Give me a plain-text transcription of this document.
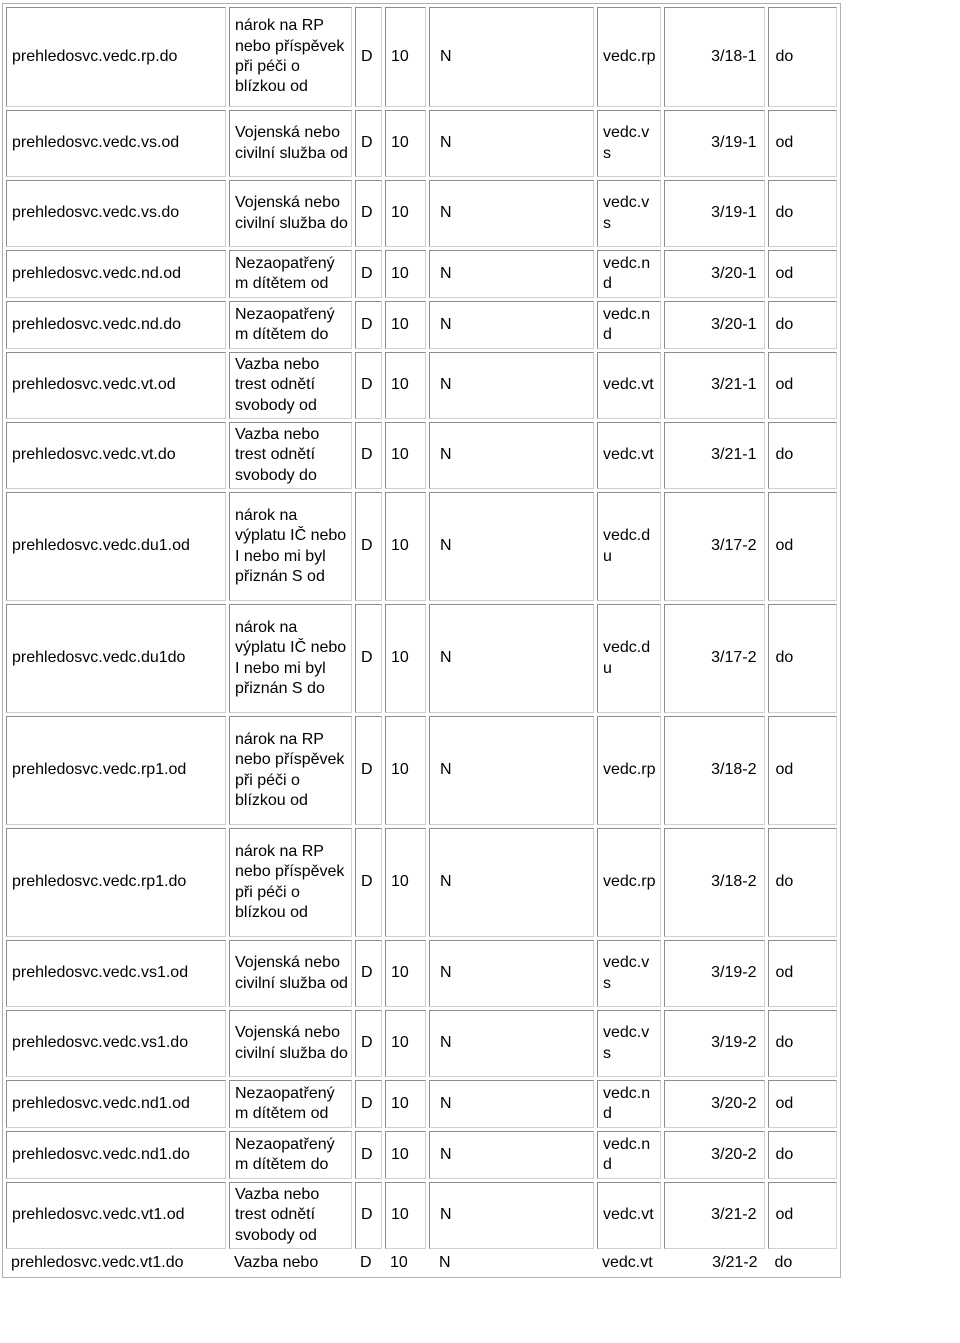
prehledosvc.vedc.rp.do	nárok na RP nebo příspěvek při péči o blízkou od	D	10	N	vedc.rp	3/18-1	do
prehledosvc.vedc.vs.od	Vojenská nebo civilní služba od	D	10	N	vedc.v s	3/19-1	od
prehledosvc.vedc.vs.do	Vojenská nebo civilní služba do	D	10	N	vedc.v s	3/19-1	do
prehledosvc.vedc.nd.od	Nezaopatřený m dítětem od	D	10	N	vedc.n d	3/20-1	od
prehledosvc.vedc.nd.do	Nezaopatřený m dítětem do	D	10	N	vedc.n d	3/20-1	do
prehledosvc.vedc.vt.od	Vazba nebo trest odnětí svobody od	D	10	N	vedc.vt	3/21-1	od
prehledosvc.vedc.vt.do	Vazba nebo trest odnětí svobody do	D	10	N	vedc.vt	3/21-1	do
prehledosvc.vedc.du1.od	nárok na výplatu IČ nebo I nebo mi byl přiznán S od	D	10	N	vedc.d u	3/17-2	od
prehledosvc.vedc.du1do	nárok na výplatu IČ nebo I nebo mi byl přiznán S do	D	10	N	vedc.d u	3/17-2	do
prehledosvc.vedc.rp1.od	nárok na RP nebo příspěvek při péči o blízkou od	D	10	N	vedc.rp	3/18-2	od
prehledosvc.vedc.rp1.do	nárok na RP nebo příspěvek při péči o blízkou od	D	10	N	vedc.rp	3/18-2	do
prehledosvc.vedc.vs1.od	Vojenská nebo civilní služba od	D	10	N	vedc.v s	3/19-2	od
prehledosvc.vedc.vs1.do	Vojenská nebo civilní služba do	D	10	N	vedc.v s	3/19-2	do
prehledosvc.vedc.nd1.od	Nezaopatřený m dítětem od	D	10	N	vedc.n d	3/20-2	od
prehledosvc.vedc.nd1.do	Nezaopatřený m dítětem do	D	10	N	vedc.n d	3/20-2	do
prehledosvc.vedc.vt1.od	Vazba nebo trest odnětí svobody od	D	10	N	vedc.vt	3/21-2	od
prehledosvc.vedc.vt1.do	Vazba nebo	D	10	N	vedc.vt	3/21-2	do
